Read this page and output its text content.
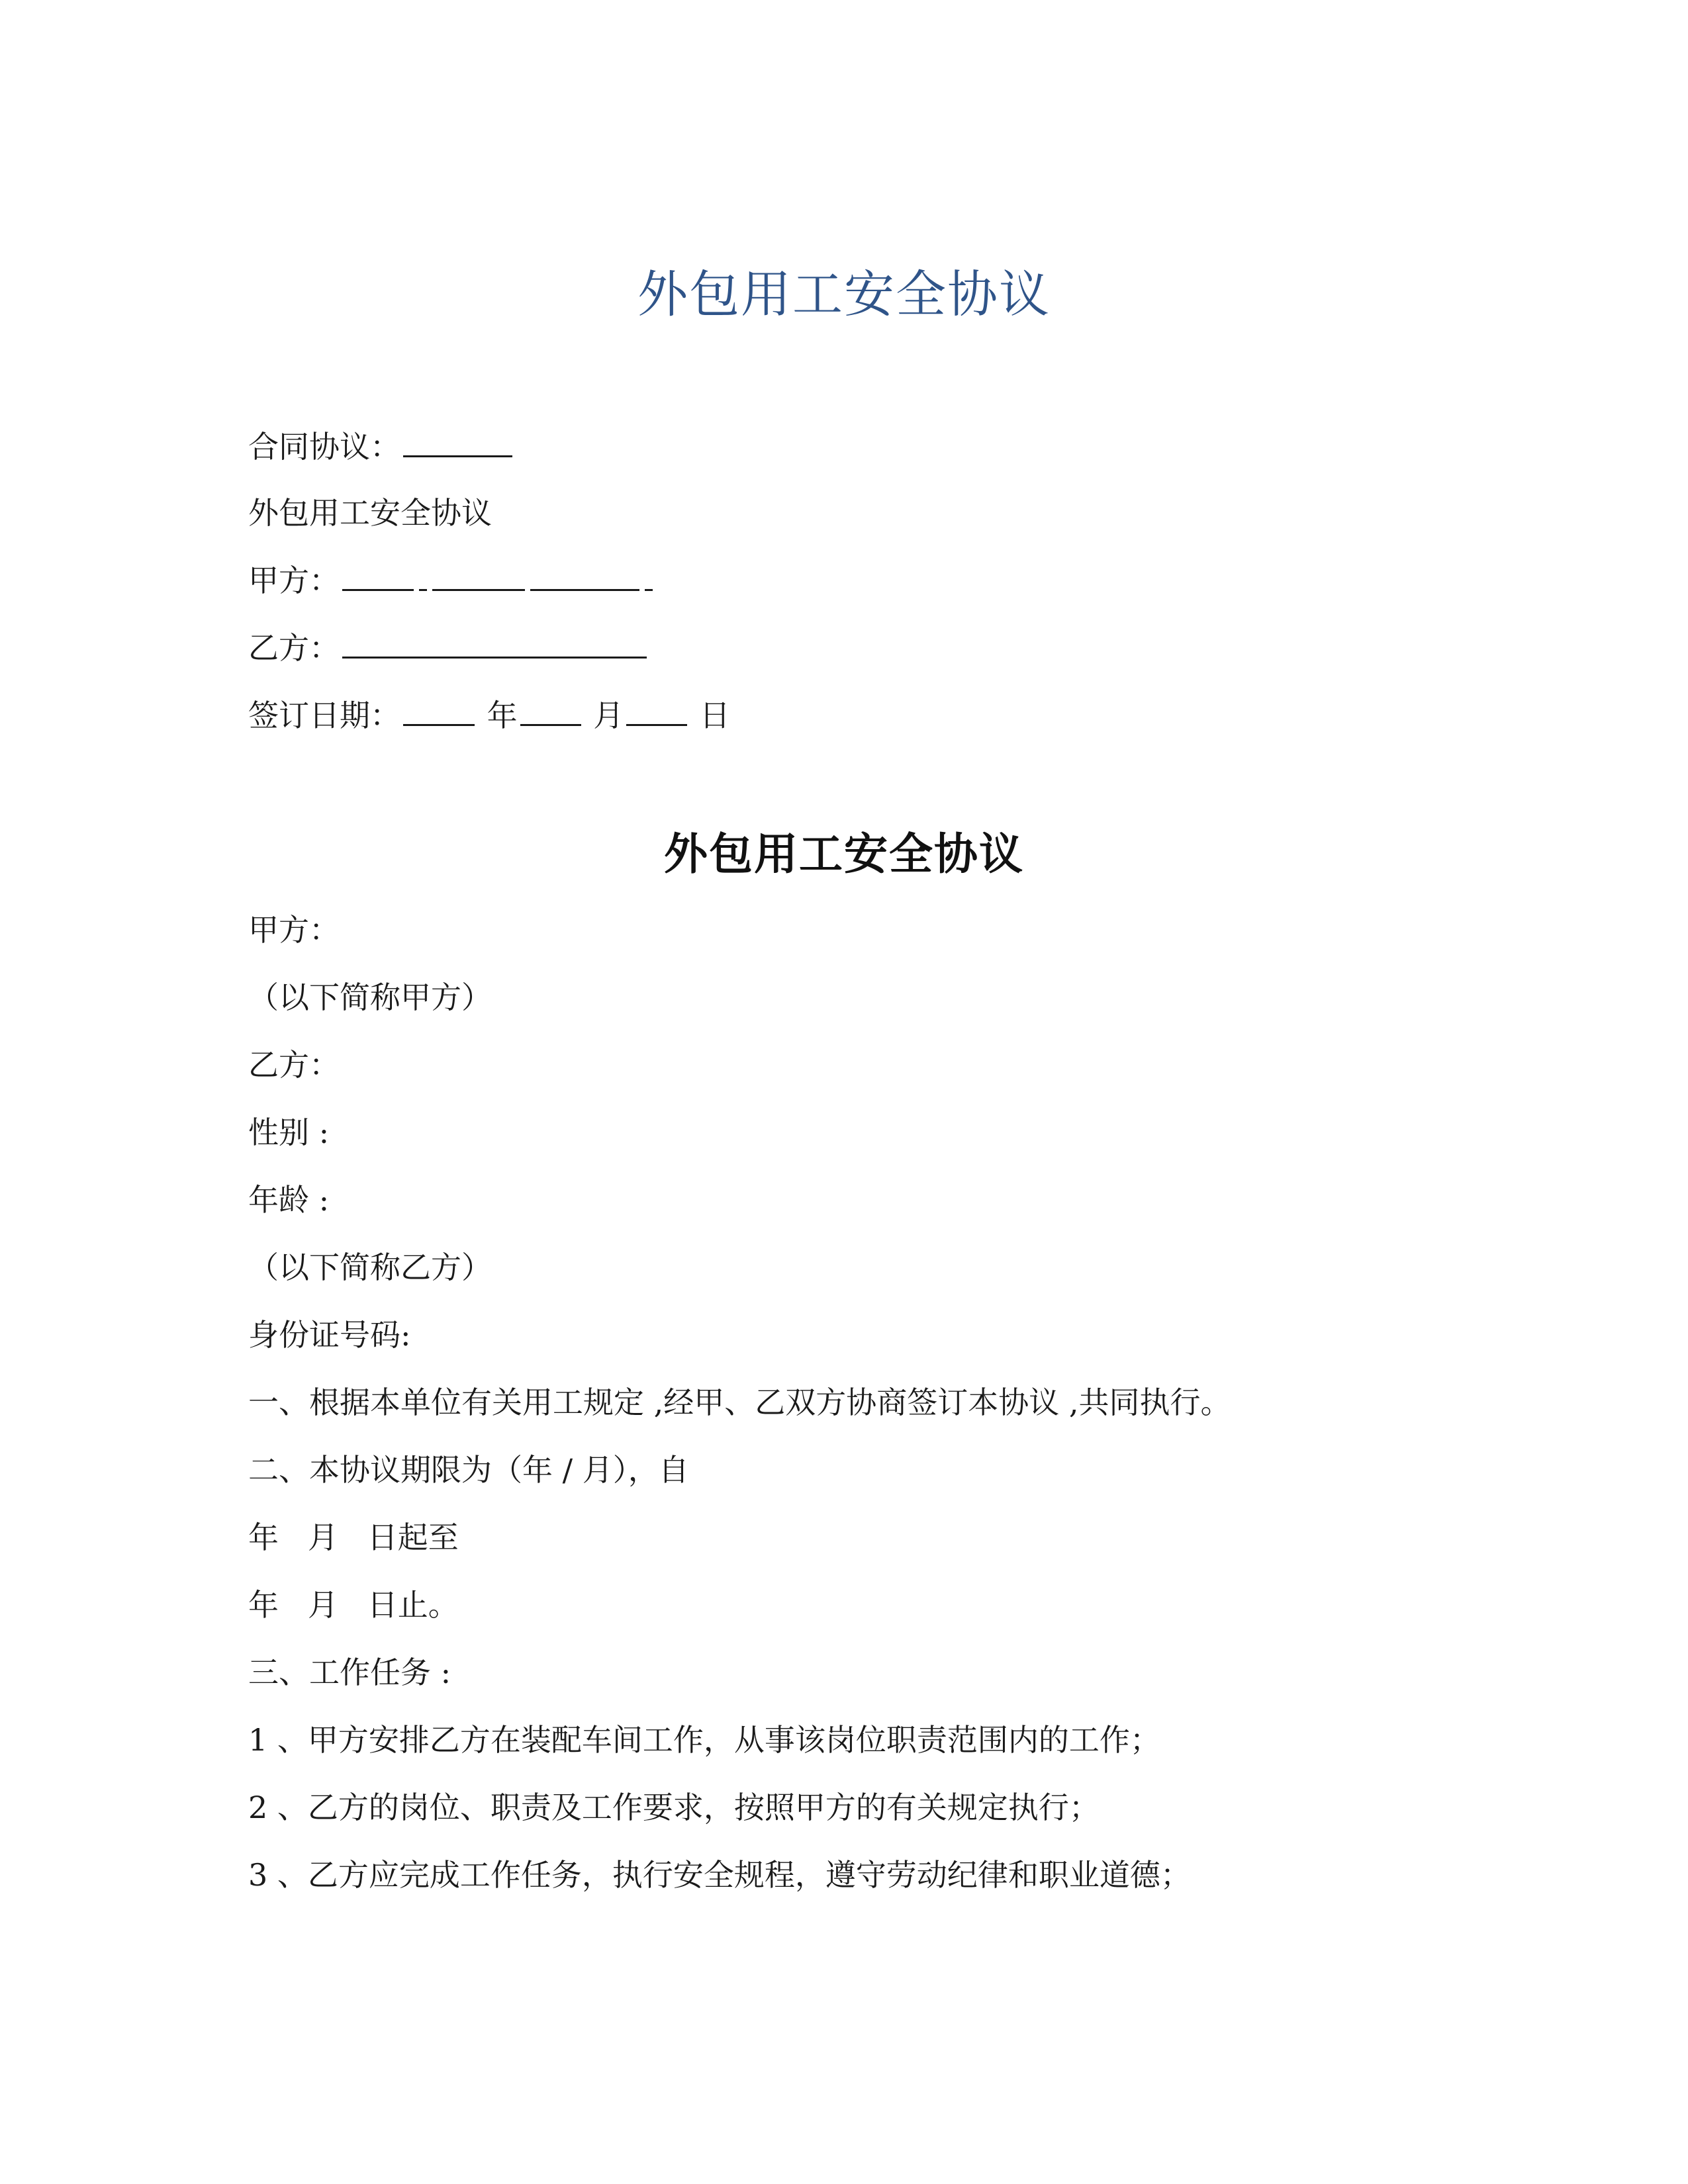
外包用工安全协议
合同协议：
外包用工安全协议
甲方：
乙方：
签订日期：	年 月 日
外包用工安全协议
甲方：
（以下简称甲方）
乙方：
性别 :
年龄 :
（以下简称乙方）
身份证号码:
一、根据本单位有关用工规定 ,经甲、乙双方协商签订本协议 ,共同执行。
二、本协议期限为（年 / 月），自
年   月   日起至
年   月   日止。
三、工作任务 :
1 、甲方安排乙方在装配车间工作，从事该岗位职责范围内的工作；
2 、乙方的岗位、职责及工作要求，按照甲方的有关规定执行；
3 、乙方应完成工作任务，执行安全规程，遵守劳动纪律和职业道德；
